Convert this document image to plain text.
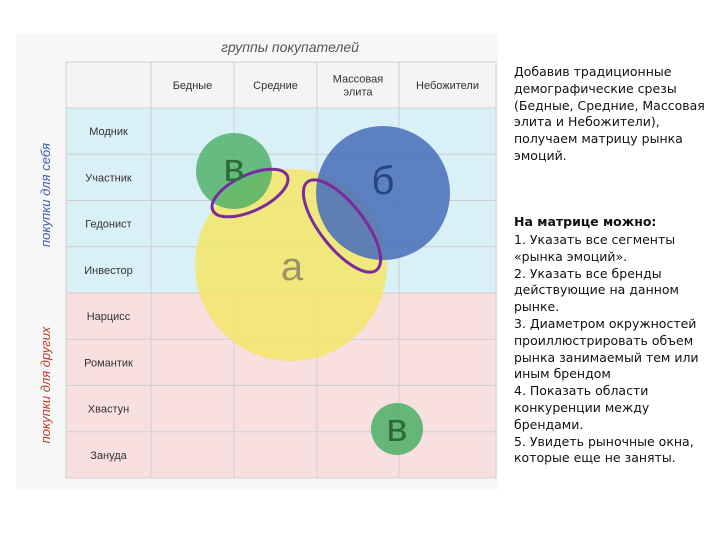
группы покупателей
покупки для себя
покупки для других
Бедные	Средние
Массовая элита
Небожители
Модник
Участник
Гедонист
Инвестор
Нарцисс
Романтик
Хвастун
Зануда
а
б
в
в
Добавив традиционные демографические срезы (Бедные, Средние, Массовая элита и Небожители), получаем матрицу рынка эмоций.
На матрице можно:
1. Указать все сегменты «рынка эмоций».
2. Указать все бренды действующие на данном рынке.
3. Диаметром окружностей проиллюстрировать объем рынка занимаемый тем или иным брендом
4. Показать области конкуренции между брендами.
5. Увидеть рыночные окна, которые еще не заняты.
